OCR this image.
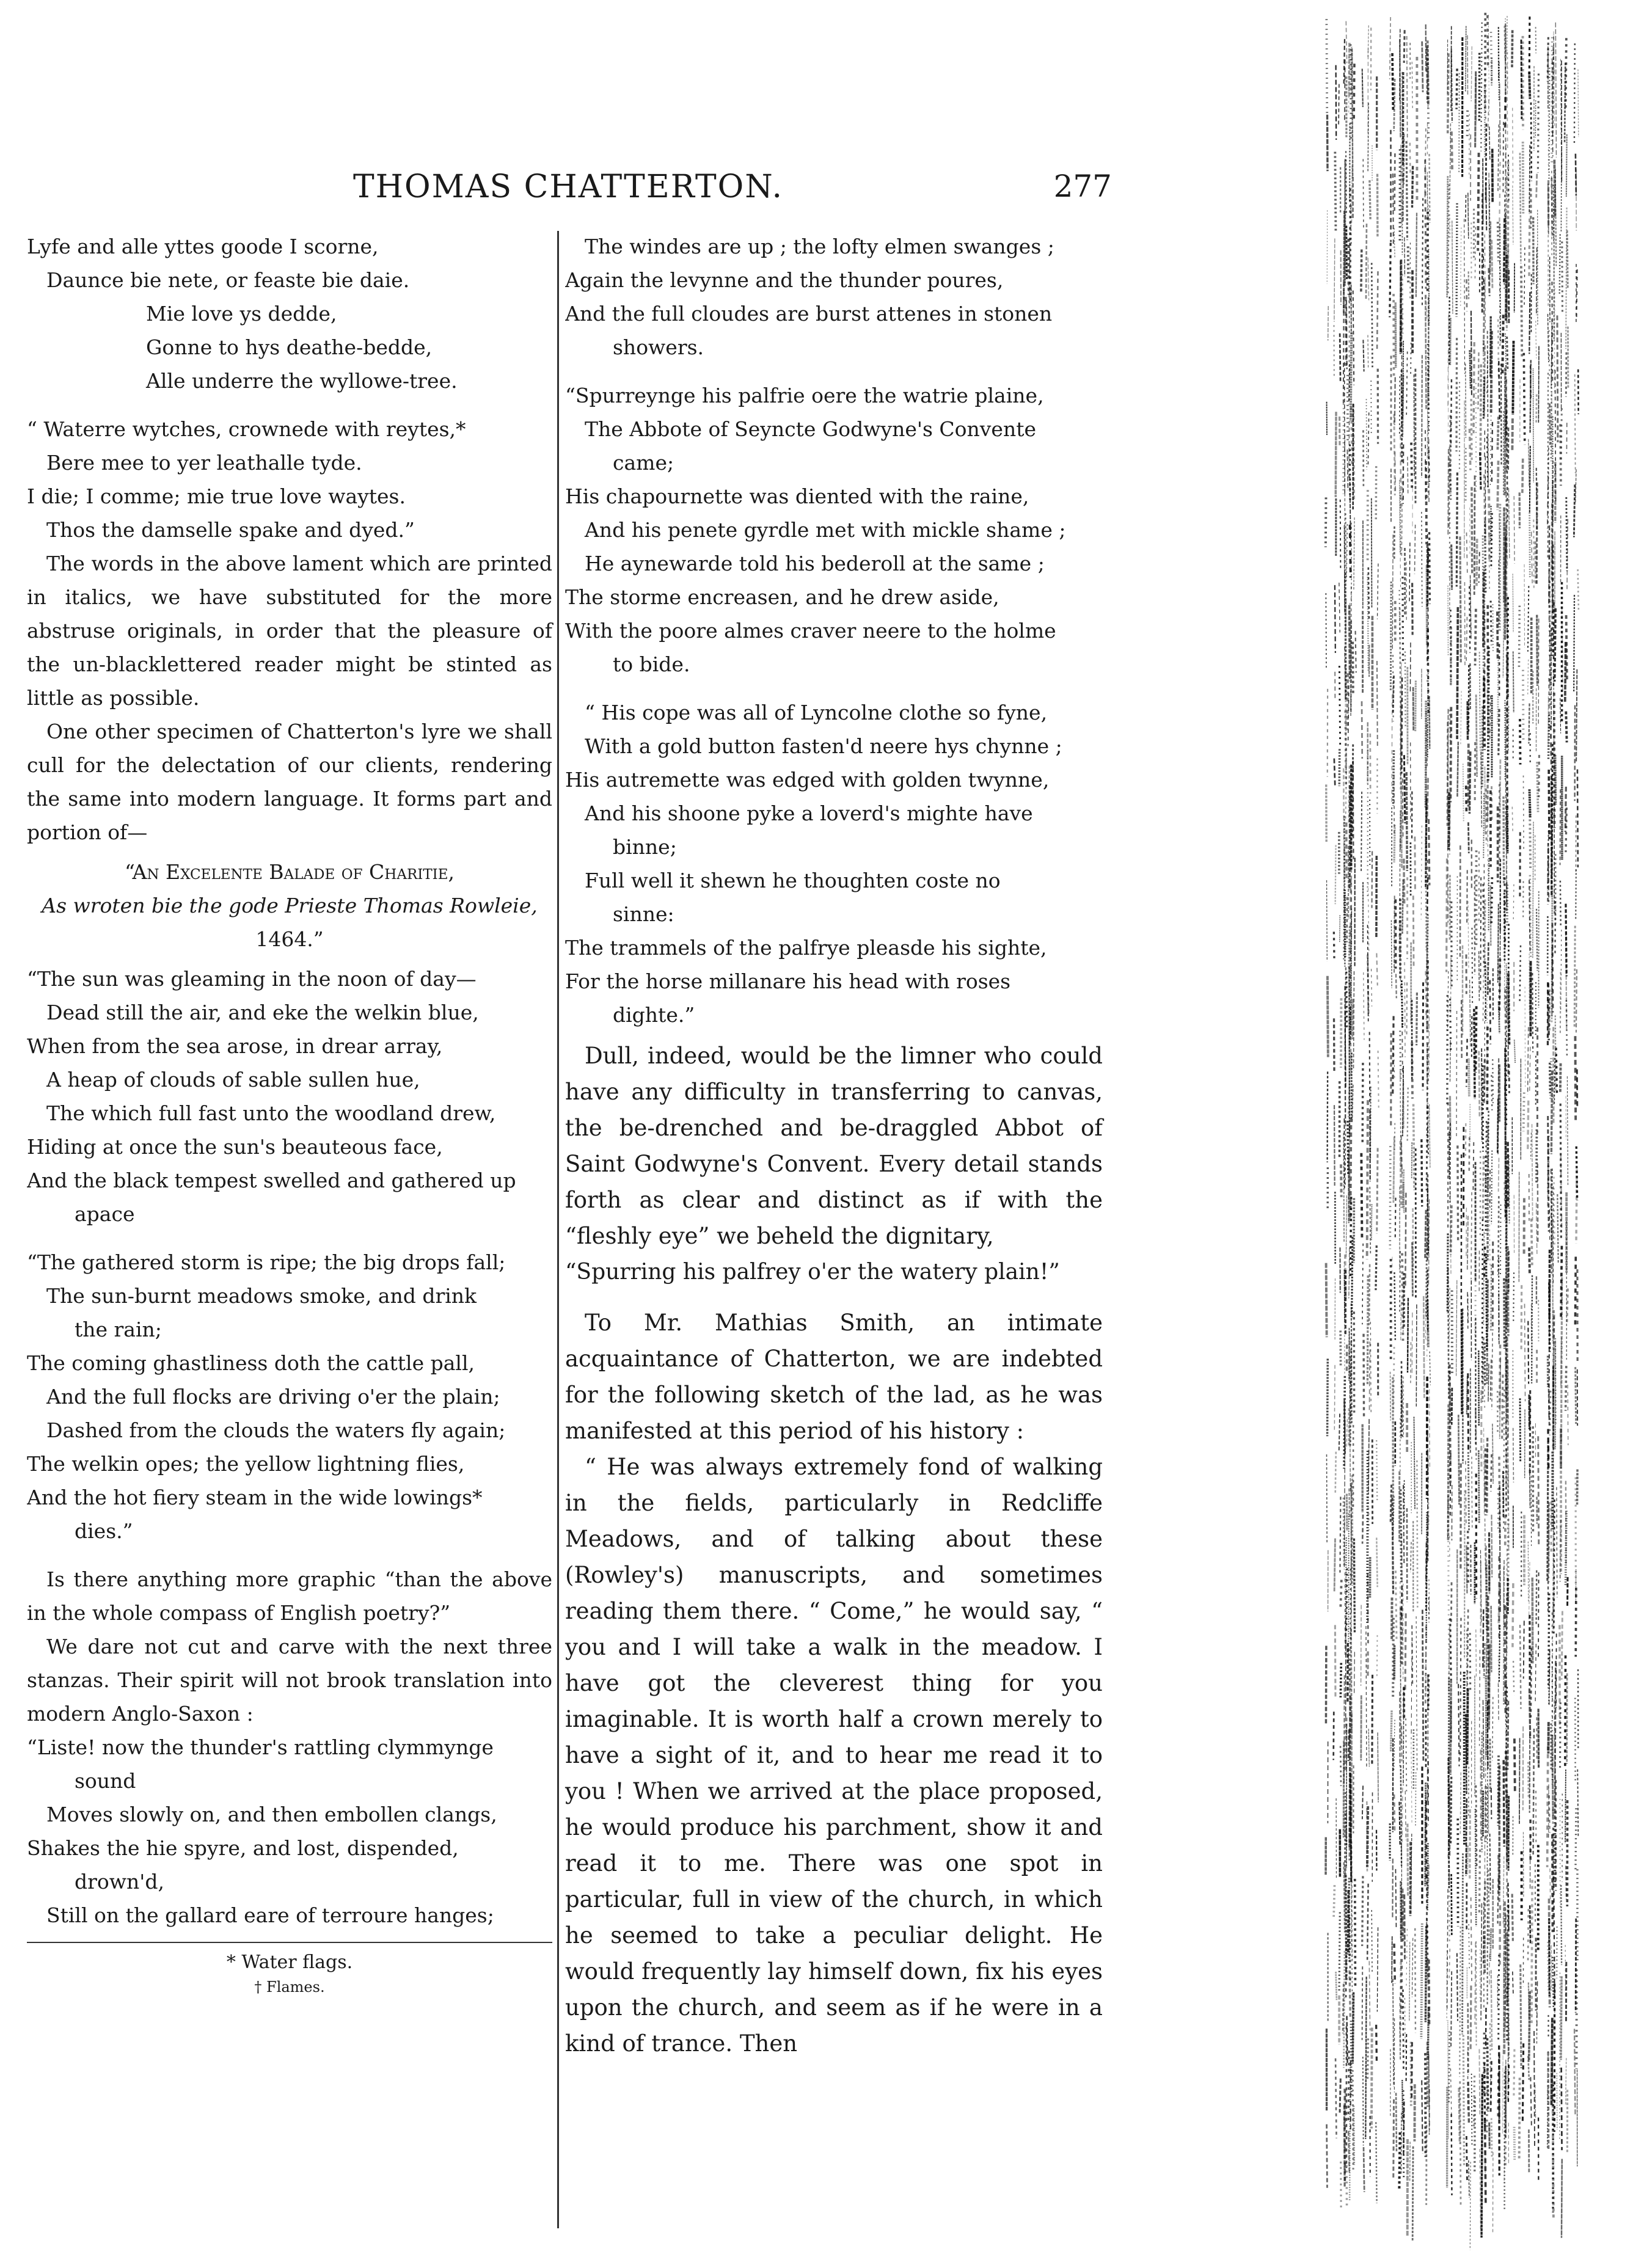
THOMAS CHATTERTON.	277
Lyfe and alle yttes goode I scorne,
Daunce bie nete, or feaste bie daie.
Mie love ys dedde,
Gonne to hys deathe-bedde,
Alle underre the wyllowe-tree.
“ Waterre wytches, crownede with reytes,*
Bere mee to yer leathalle tyde.
I die; I comme; mie true love waytes.
Thos the damselle spake and dyed.”
The words in the above lament which are printed in italics, we have substituted for the more abstruse originals, in order that the pleasure of the un-blacklettered reader might be stinted as little as possible.
One other specimen of Chatterton's lyre we shall cull for the delectation of our clients, rendering the same into modern language. It forms part and portion of—
“An Excelente Balade of Charitie,
As wroten bie the gode Prieste Thomas Rowleie,
1464.”
“The sun was gleaming in the noon of day—
Dead still the air, and eke the welkin blue,
When from the sea arose, in drear array,
A heap of clouds of sable sullen hue,
The which full fast unto the woodland drew,
Hiding at once the sun's beauteous face,
And the black tempest swelled and gathered up
apace
“The gathered storm is ripe; the big drops fall;
The sun-burnt meadows smoke, and drink
the rain;
The coming ghastliness doth the cattle pall,
And the full flocks are driving o'er the plain;
Dashed from the clouds the waters fly again;
The welkin opes; the yellow lightning flies,
And the hot fiery steam in the wide lowings*
dies.”
Is there anything more graphic “than the above in the whole compass of English poetry?”
We dare not cut and carve with the next three stanzas. Their spirit will not brook translation into modern Anglo-Saxon :
“Liste! now the thunder's rattling clymmynge
sound
Moves slowly on, and then embollen clangs,
Shakes the hie spyre, and lost, dispended,
drown'd,
Still on the gallard eare of terroure hanges;
* Water flags.
† Flames.
The windes are up ; the lofty elmen swanges ;
Again the levynne and the thunder poures,
And the full cloudes are burst attenes in stonen
showers.
“Spurreynge his palfrie oere the watrie plaine,
The Abbote of Seyncte Godwyne's Convente
came;
His chapournette was diented with the raine,
And his penete gyrdle met with mickle shame ;
He aynewarde told his bederoll at the same ;
The storme encreasen, and he drew aside,
With the poore almes craver neere to the holme
to bide.
“ His cope was all of Lyncolne clothe so fyne,
With a gold button fasten'd neere hys chynne ;
His autremette was edged with golden twynne,
And his shoone pyke a loverd's mighte have
binne;
Full well it shewn he thoughten coste no
sinne:
The trammels of the palfrye pleasde his sighte,
For the horse millanare his head with roses
dighte.”
Dull, indeed, would be the limner who could have any difficulty in transferring to canvas, the be-drenched and be-draggled Abbot of Saint Godwyne's Convent. Every detail stands forth as clear and distinct as if with the “fleshly eye” we beheld the dignitary,
“Spurring his palfrey o'er the watery plain!”
To Mr. Mathias Smith, an intimate acquaintance of Chatterton, we are indebted for the following sketch of the lad, as he was manifested at this period of his history :
“ He was always extremely fond of walking in the fields, particularly in Redcliffe Meadows, and of talking about these (Rowley's) manuscripts, and sometimes reading them there. “ Come,” he would say, “ you and I will take a walk in the meadow. I have got the cleverest thing for you imaginable. It is worth half a crown merely to have a sight of it, and to hear me read it to you ! When we arrived at the place proposed, he would produce his parchment, show it and read it to me. There was one spot in particular, full in view of the church, in which he seemed to take a peculiar delight. He would frequently lay himself down, fix his eyes upon the church, and seem as if he were in a kind of trance. Then
